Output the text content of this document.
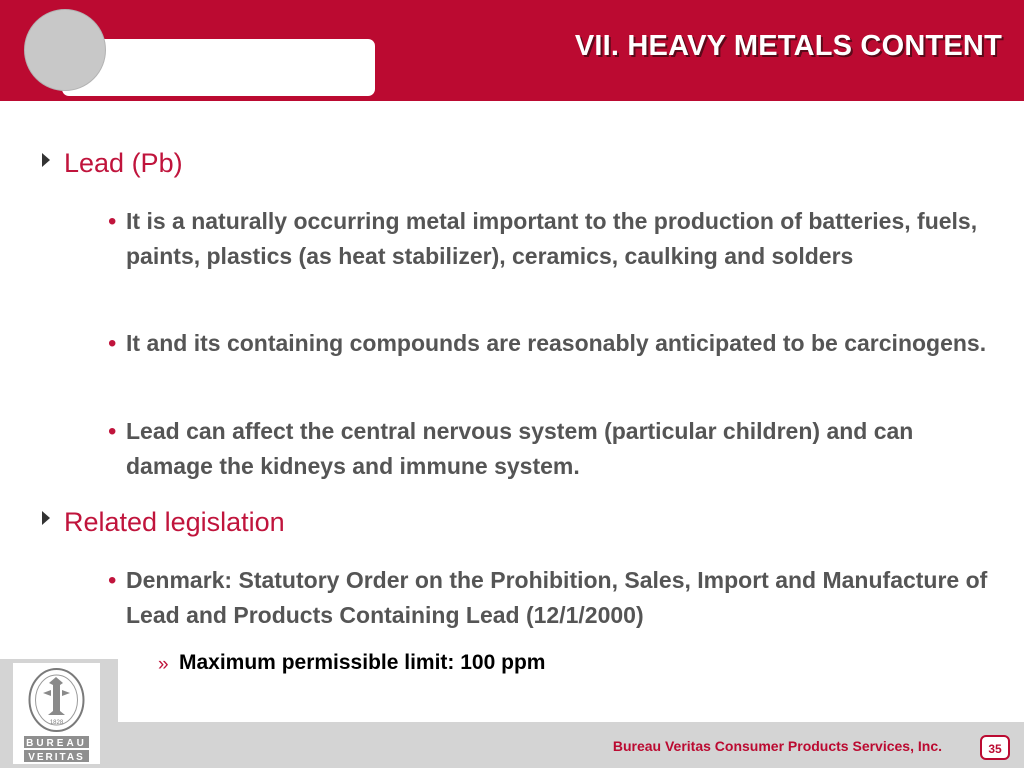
VII. HEAVY METALS CONTENT
Lead (Pb)
• It is a naturally occurring metal important to the production of batteries, fuels, paints, plastics (as heat stabilizer), ceramics, caulking and solders
• It and its containing compounds are reasonably anticipated to be carcinogens.
• Lead can affect the central nervous system (particular children) and can damage the kidneys and immune system.
Related legislation
• Denmark: Statutory Order on the Prohibition, Sales, Import and Manufacture of Lead and Products Containing Lead (12/1/2000)
» Maximum permissible limit: 100 ppm
BUREAU
VERITAS
1828
Bureau Veritas Consumer Products Services, Inc.	35
